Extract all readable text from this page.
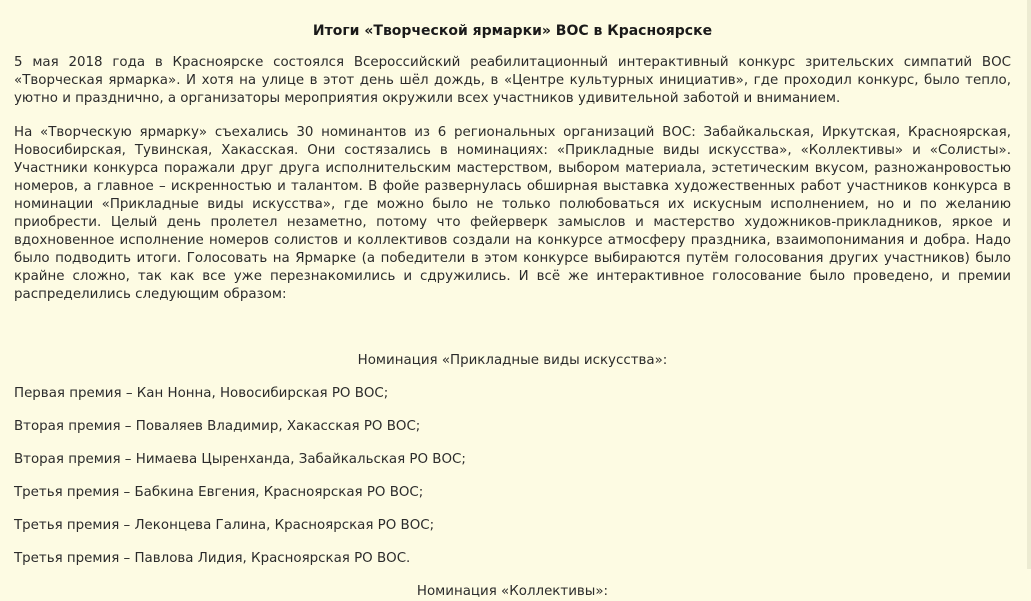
Итоги «Творческой ярмарки» ВОС в Красноярске

5 мая 2018 года в Красноярске состоялся Всероссийский реабилитационный интерактивный конкурс зрительских симпатий ВОС «Творческая ярмарка». И хотя на улице в этот день шёл дождь, в «Центре культурных инициатив», где проходил конкурс, было тепло, уютно и празднично, а организаторы мероприятия окружили всех участников удивительной заботой и вниманием.

На «Творческую ярмарку» съехались 30 номинантов из 6 региональных организаций ВОС: Забайкальская, Иркутская, Красноярская, Новосибирская, Тувинская, Хакасская. Они состязались в номинациях: «Прикладные виды искусства», «Коллективы» и «Солисты». Участники конкурса поражали друг друга исполнительским мастерством, выбором материала, эстетическим вкусом, разножанровостью номеров, а главное – искренностью и талантом. В фойе развернулась обширная выставка художественных работ участников конкурса в номинации «Прикладные виды искусства», где можно было не только полюбоваться их искусным исполнением, но и по желанию приобрести. Целый день пролетел незаметно, потому что фейерверк замыслов и мастерство художников-прикладников, яркое и вдохновенное исполнение номеров солистов и коллективов создали на конкурсе атмосферу праздника, взаимопонимания и добра. Надо было подводить итоги. Голосовать на Ярмарке (а победители в этом конкурсе выбираются путём голосования других участников) было крайне сложно, так как все уже перезнакомились и сдружились. И всё же интерактивное голосование было проведено, и премии распределились следующим образом:

Номинация «Прикладные виды искусства»:

Первая премия – Кан Нонна, Новосибирская РО ВОС;
Вторая премия – Поваляев Владимир, Хакасская РО ВОС;
Вторая премия – Нимаева Цыренханда, Забайкальская РО ВОС;
Третья премия – Бабкина Евгения, Красноярская РО ВОС;
Третья премия – Леконцева Галина, Красноярская РО ВОС;
Третья премия – Павлова Лидия, Красноярская РО ВОС.

Номинация «Коллективы»:
